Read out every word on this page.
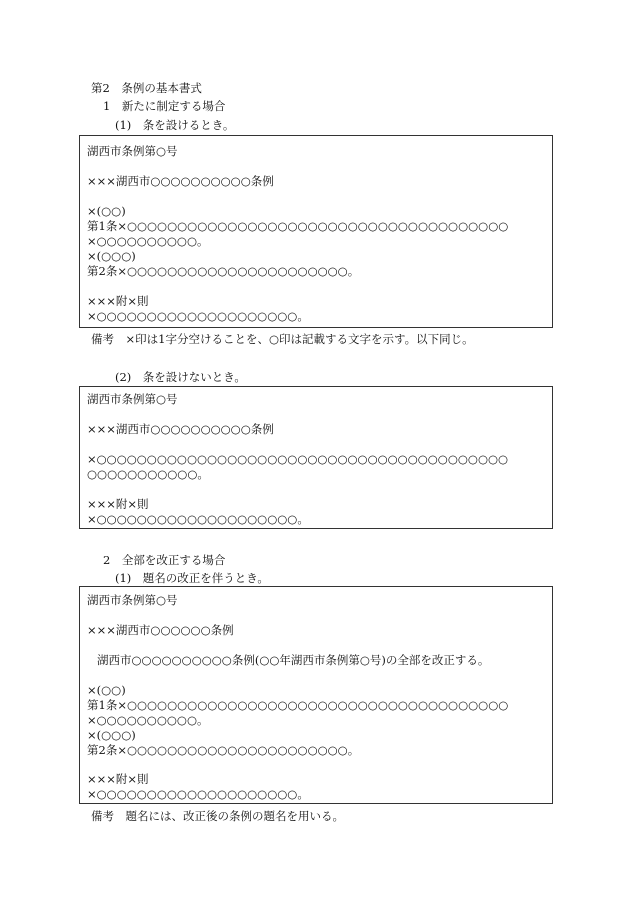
第2　条例の基本書式
1　新たに制定する場合
(1)　条を設けるとき。
湖西市条例第○号
×××湖西市○○○○○○○○○○条例
×(○○)
第1条×○○○○○○○○○○○○○○○○○○○○○○○○○○○○○○○○○○○○○○
×○○○○○○○○○○。
×(○○○)
第2条×○○○○○○○○○○○○○○○○○○○○○○。
×××附×則
×○○○○○○○○○○○○○○○○○○○○。
備考　×印は1字分空けることを、○印は記載する文字を示す。以下同じ。
(2)　条を設けないとき。
湖西市条例第○号
×××湖西市○○○○○○○○○○条例
×○○○○○○○○○○○○○○○○○○○○○○○○○○○○○○○○○○○○○○○○○
○○○○○○○○○○○。
×××附×則
×○○○○○○○○○○○○○○○○○○○○。
2　全部を改正する場合
(1)　題名の改正を伴うとき。
湖西市条例第○号
×××湖西市○○○○○○条例
湖西市○○○○○○○○○○条例(○○年湖西市条例第○号)の全部を改正する。
×(○○)
第1条×○○○○○○○○○○○○○○○○○○○○○○○○○○○○○○○○○○○○○○
×○○○○○○○○○○。
×(○○○)
第2条×○○○○○○○○○○○○○○○○○○○○○○。
×××附×則
×○○○○○○○○○○○○○○○○○○○○。
備考　題名には、改正後の条例の題名を用いる。
